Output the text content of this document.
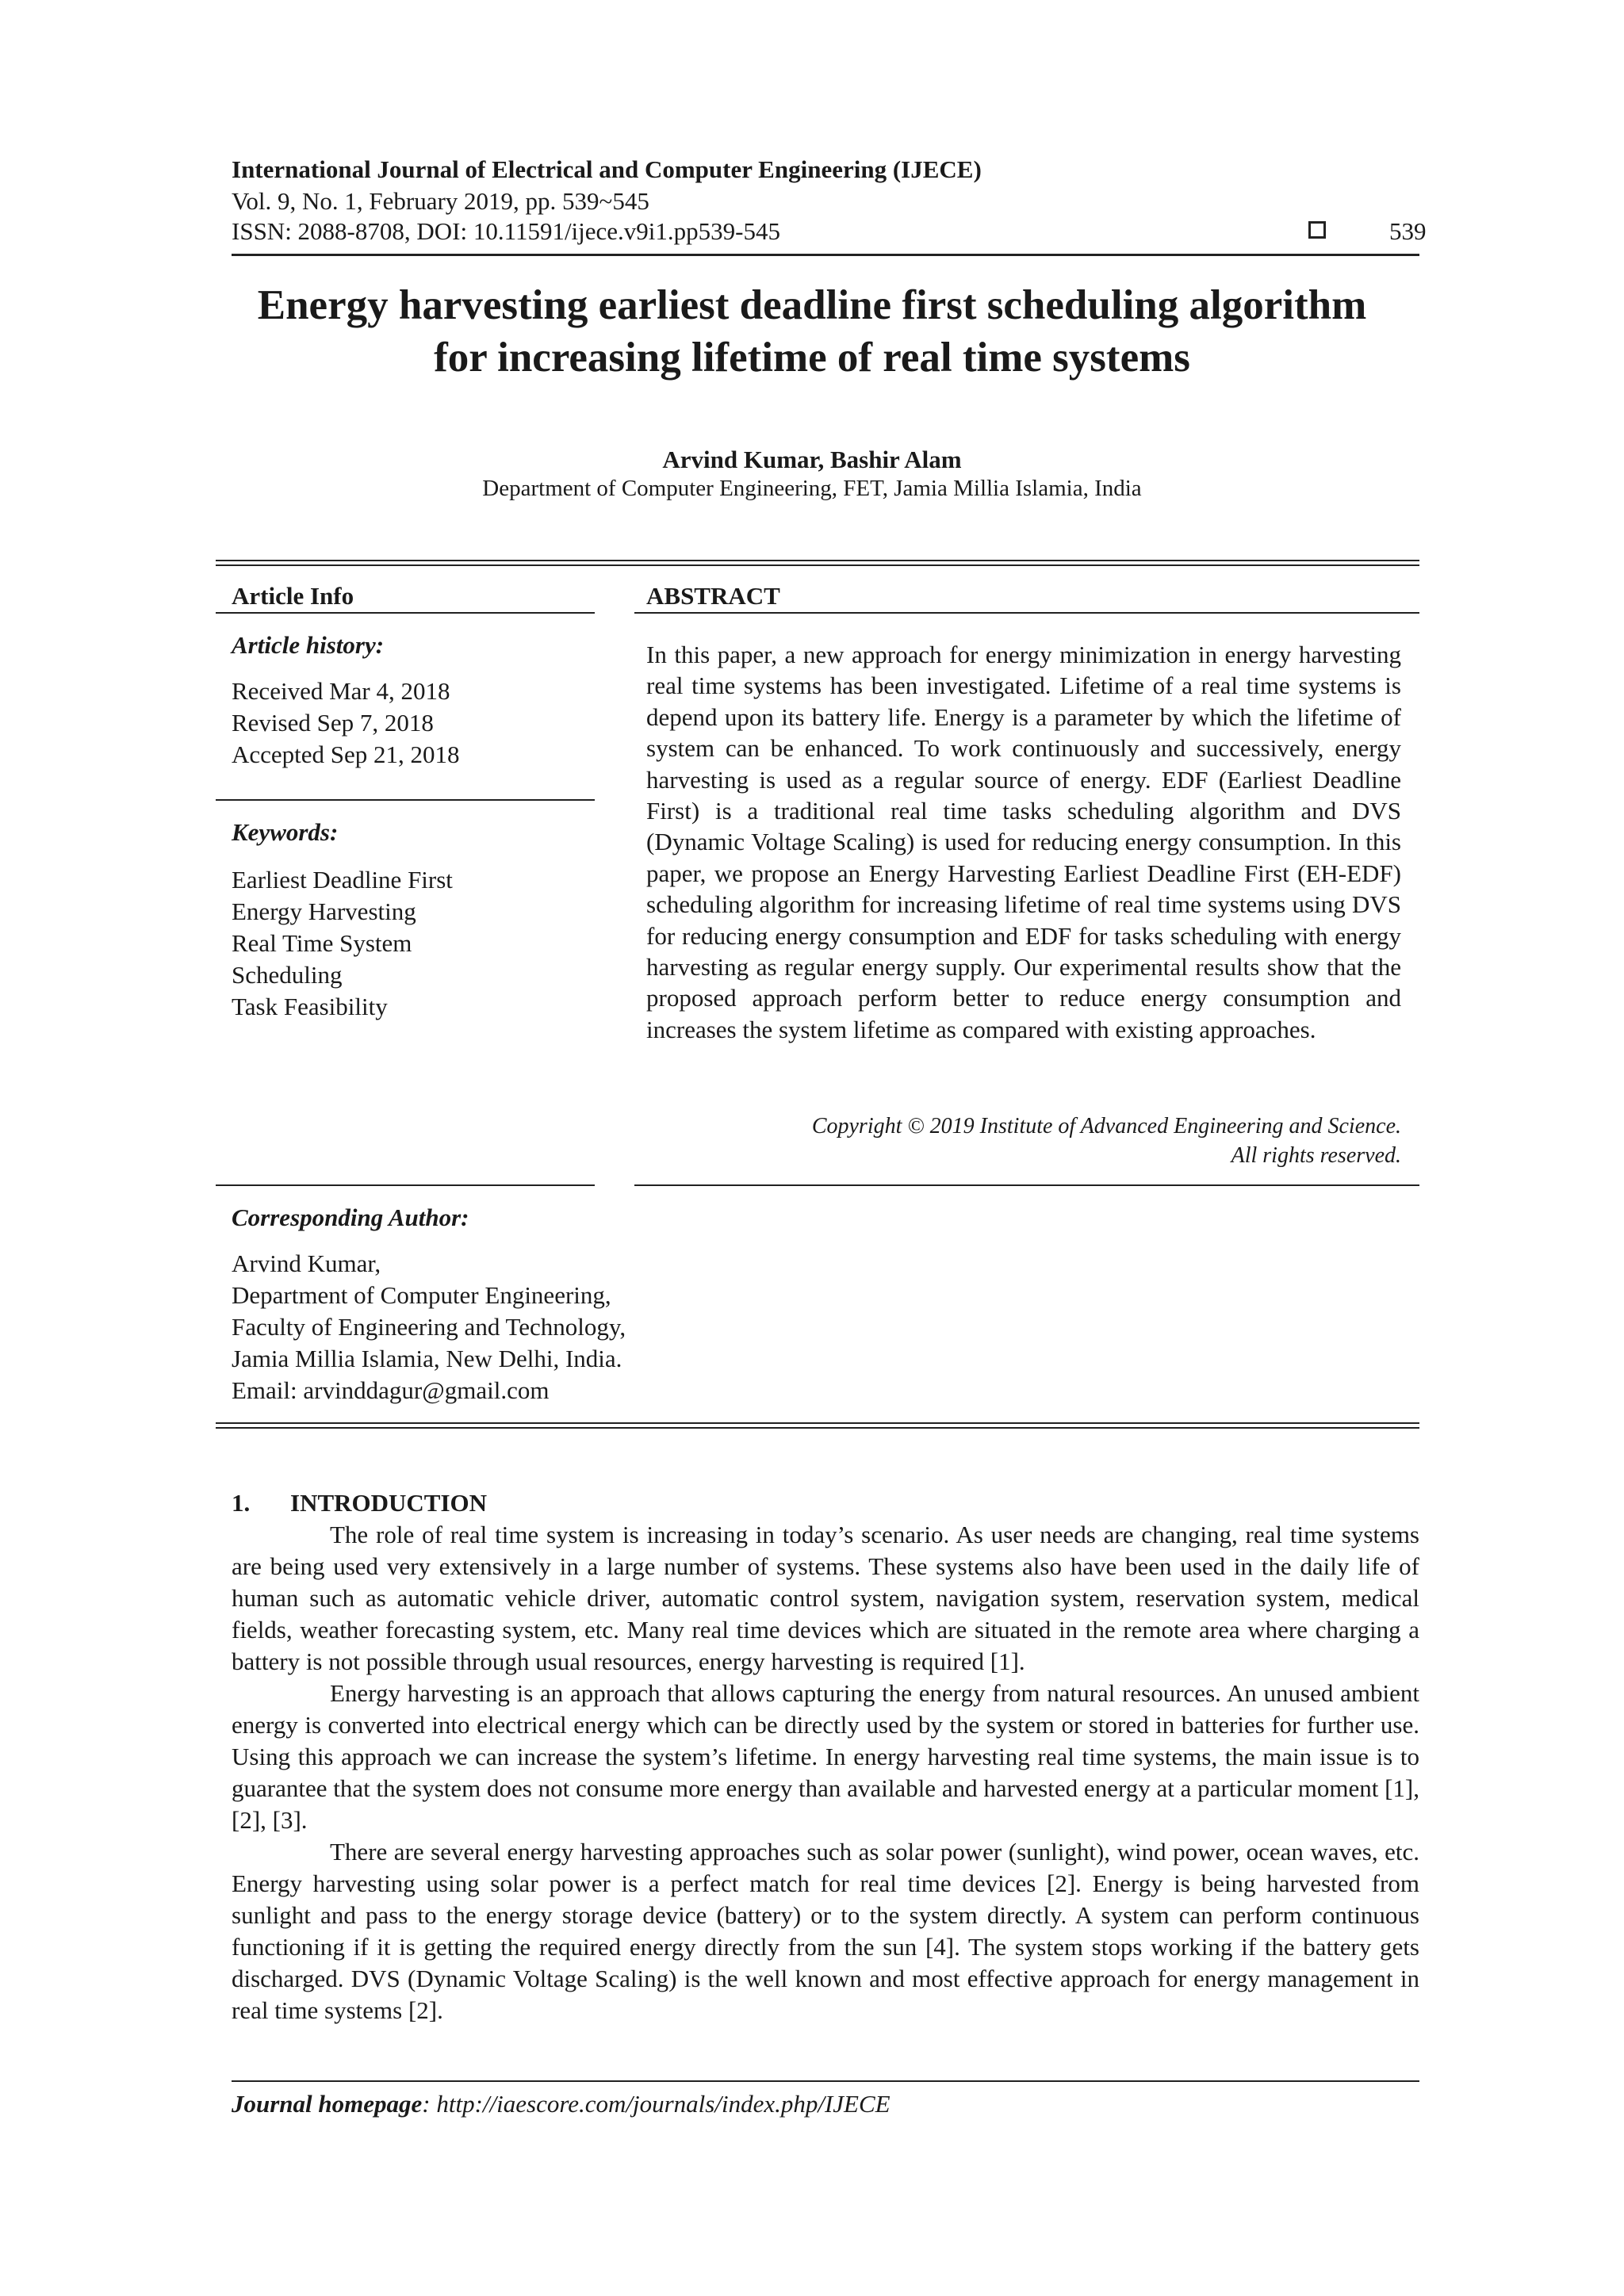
International Journal of Electrical and Computer Engineering (IJECE)
Vol. 9, No. 1, February 2019, pp. 539~545
ISSN: 2088-8708, DOI: 10.11591/ijece.v9i1.pp539-545	539
Energy harvesting earliest deadline first scheduling algorithm
for increasing lifetime of real time systems
Arvind Kumar, Bashir Alam
Department of Computer Engineering, FET, Jamia Millia Islamia, India
Article Info
Article history:
Received Mar 4, 2018
Revised Sep 7, 2018
Accepted Sep 21, 2018
Keywords:
Earliest Deadline First
Energy Harvesting
Real Time System
Scheduling
Task Feasibility
ABSTRACT
In this paper, a new approach for energy minimization in energy harvesting real time systems has been investigated. Lifetime of a real time systems is depend upon its battery life. Energy is a parameter by which the lifetime of system can be enhanced. To work continuously and successively, energy harvesting is used as a regular source of energy. EDF (Earliest Deadline First) is a traditional real time tasks scheduling algorithm and DVS (Dynamic Voltage Scaling) is used for reducing energy consumption. In this paper, we propose an Energy Harvesting Earliest Deadline First (EH-EDF) scheduling algorithm for increasing lifetime of real time systems using DVS for reducing energy consumption and EDF for tasks scheduling with energy harvesting as regular energy supply. Our experimental results show that the proposed approach perform better to reduce energy consumption and increases the system lifetime as compared with existing approaches.
Copyright © 2019 Institute of Advanced Engineering and Science.
All rights reserved.
Corresponding Author:
Arvind Kumar,
Department of Computer Engineering,
Faculty of Engineering and Technology,
Jamia Millia Islamia, New Delhi, India.
Email: arvinddagur@gmail.com
1. INTRODUCTION

The role of real time system is increasing in today’s scenario. As user needs are changing, real time systems are being used very extensively in a large number of systems. These systems also have been used in the daily life of human such as automatic vehicle driver, automatic control system, navigation system, reservation system, medical fields, weather forecasting system, etc. Many real time devices which are situated in the remote area where charging a battery is not possible through usual resources, energy harvesting is required [1].

Energy harvesting is an approach that allows capturing the energy from natural resources. An unused ambient energy is converted into electrical energy which can be directly used by the system or stored in batteries for further use. Using this approach we can increase the system’s lifetime. In energy harvesting real time systems, the main issue is to guarantee that the system does not consume more energy than available and harvested energy at a particular moment [1], [2], [3].

There are several energy harvesting approaches such as solar power (sunlight), wind power, ocean waves, etc. Energy harvesting using solar power is a perfect match for real time devices [2]. Energy is being harvested from sunlight and pass to the energy storage device (battery) or to the system directly. A system can perform continuous functioning if it is getting the required energy directly from the sun [4]. The system stops working if the battery gets discharged. DVS (Dynamic Voltage Scaling) is the well known and most effective approach for energy management in real time systems [2].

Journal homepage: http://iaescore.com/journals/index.php/IJECE
